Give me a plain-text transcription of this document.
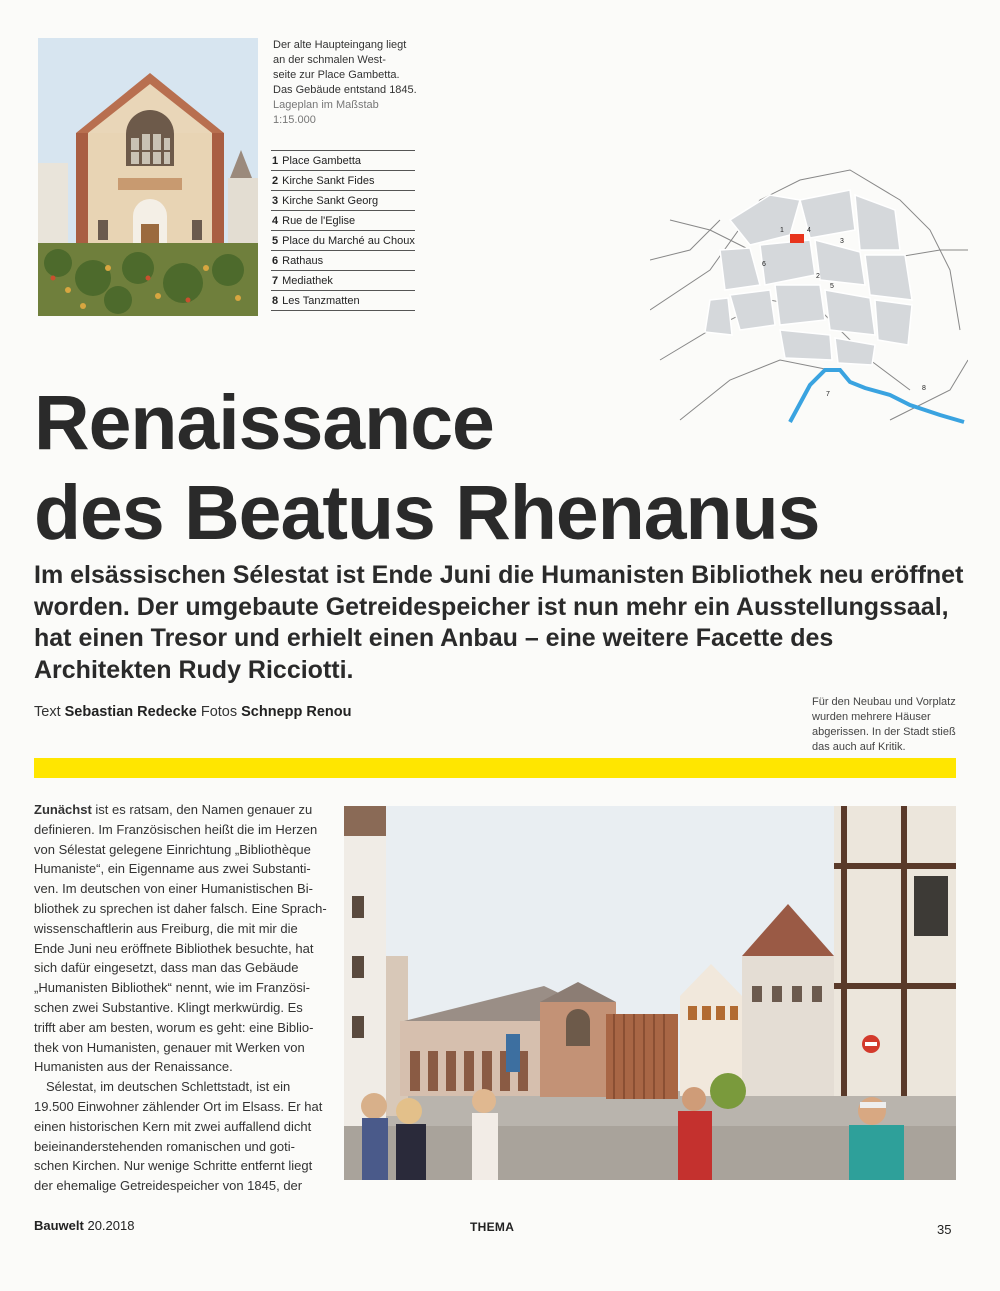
Der alte Haupteingang liegt
an der schmalen West-
seite zur Place Gambetta.
Das Gebäude entstand 1845.
Lageplan im Maßstab
1:15.000
1 Place Gambetta
2 Kirche Sankt Fides
3 Kirche Sankt Georg
4 Rue de l'Eglise
5 Place du Marché au Choux
6 Rathaus
7 Mediathek
8 Les Tanzmatten
1
2
3
4
5
6
7
8
Renaissance
des Beatus Rhenanus

Im elsässischen Sélestat ist Ende Juni die Humanisten Bibliothek neu eröffnet worden. Der umgebaute Getreidespeicher ist nun mehr ein Ausstellungssaal, hat einen Tresor und erhielt einen Anbau – eine weitere Facette des Architekten Rudy Ricciotti.

Text Sebastian Redecke Fotos Schnepp Renou
Für den Neubau und Vorplatz
wurden mehrere Häuser
abgerissen. In der Stadt stieß
das auch auf Kritik.

Zunächst ist es ratsam, den Namen genauer zu
definieren. Im Französischen heißt die im Herzen
von Sélestat gelegene Einrichtung „Bibliothèque
Humaniste“, ein Eigenname aus zwei Substanti-
ven. Im deutschen von einer Humanistischen Bi-
bliothek zu sprechen ist daher falsch. Eine Sprach-
wissenschaftlerin aus Freiburg, die mit mir die
Ende Juni neu eröffnete Bibliothek besuchte, hat
sich dafür eingesetzt, dass man das Gebäude
„Humanisten Bibliothek“ nennt, wie im Französi-
schen zwei Substantive. Klingt merkwürdig. Es
trifft aber am besten, worum es geht: eine Biblio-
thek von Humanisten, genauer mit Werken von
Humanisten aus der Renaissance.

Sélestat, im deutschen Schlettstadt, ist ein
19.500 Einwohner zählender Ort im Elsass. Er hat
einen historischen Kern mit zwei auffallend dicht
beieinanderstehenden romanischen und goti-
schen Kirchen. Nur wenige Schritte entfernt liegt
der ehemalige Getreidespeicher von 1845, der

Bauwelt 20.2018	THEMA	35
